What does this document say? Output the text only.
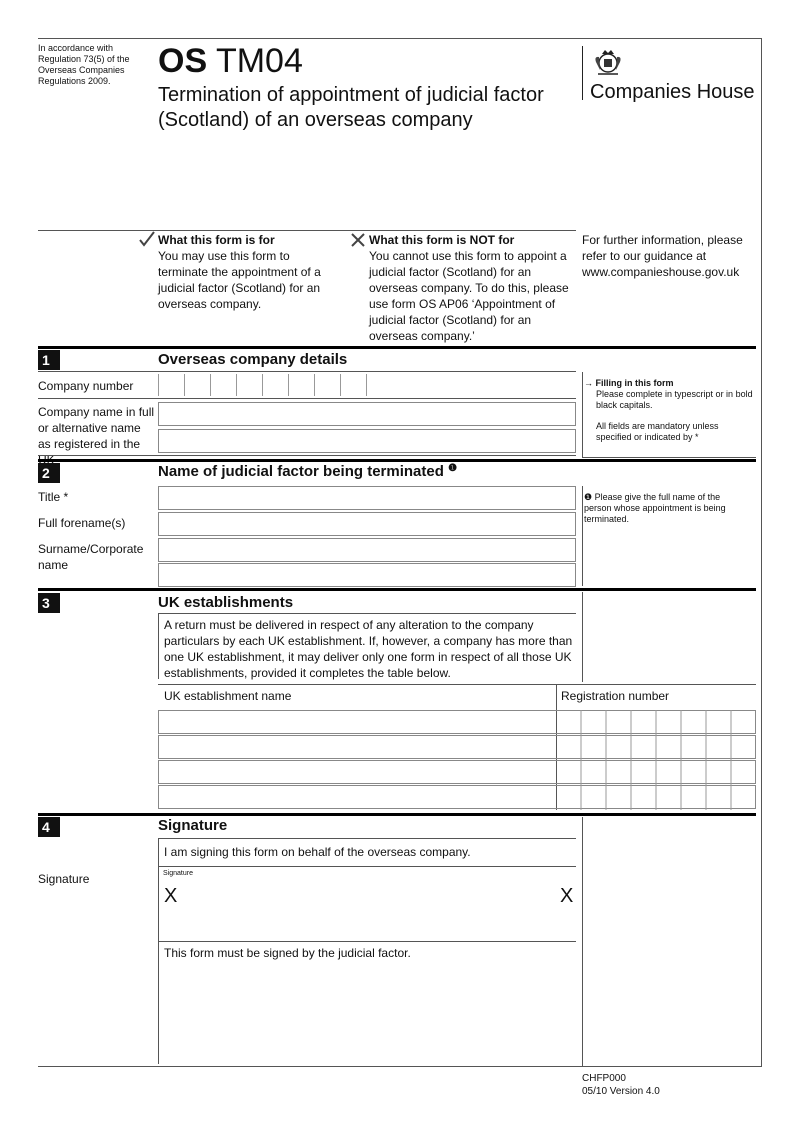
In accordance with Regulation 73(5) of the Overseas Companies Regulations 2009.
OS TM04
Termination of appointment of judicial factor
(Scotland) of an overseas company
Companies House
What this form is for
You may use this form to terminate the appointment of a judicial factor (Scotland) for an overseas company.
What this form is NOT for
You cannot use this form to appoint a judicial factor (Scotland) for an overseas company. To do this, please use form OS AP06 ‘Appointment of judicial factor (Scotland) for an overseas company.’
For further information, please refer to our guidance at www.companieshouse.gov.uk
1	Overseas company details
Company number
Company name in full or alternative name as registered in the
→ Filling in this form
Please complete in typescript or in bold black capitals.
All fields are mandatory unless specified or indicated by *
2	Name of judicial factor being terminated $^❶$
Title *
Full forename(s)
Surname/Corporate name
❶ Please give the full name of the person whose appointment is being terminated.
3	UK establishments
A return must be delivered in respect of any alteration to the company particulars by each UK establishment. If, however, a company has more than one UK establishment, it may deliver only one form in respect of all those UK establishments, provided it completes the table below.
UK establishment name	Registration number
4	Signature
I am signing this form on behalf of the overseas company.
Signature	Signature
X	X
This form must be signed by the judicial factor.
CHFP000
05/10 Version 4.0
